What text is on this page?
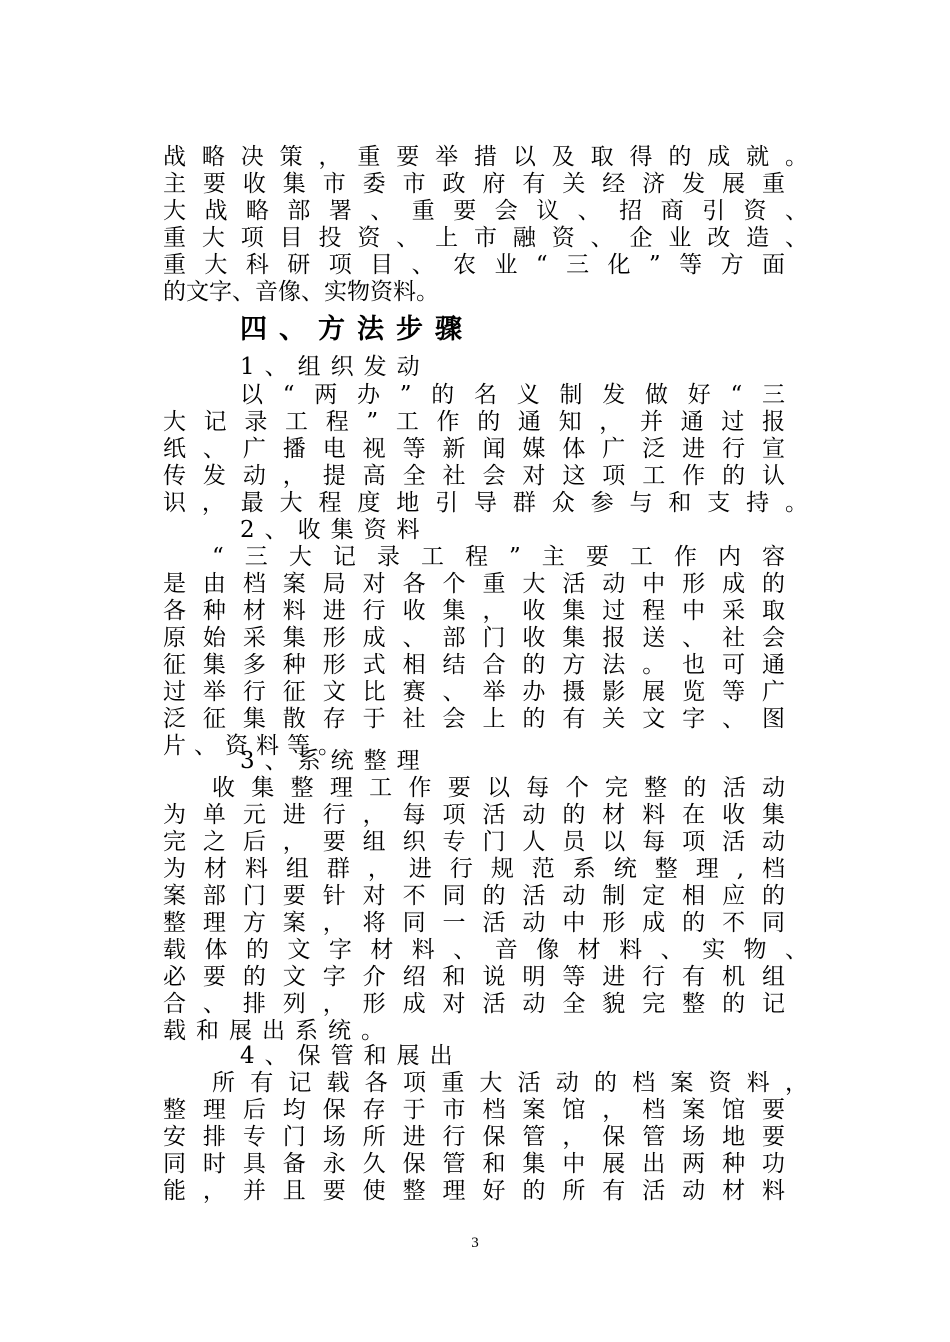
战略决策，重要举措以及取得的成就。
主要收集市委市政府有关经济发展重
大战略部署、重要会议、招商引资、
重大项目投资、上市融资、企业改造、
重大科研项目、农业“三化”等方面
的文字、音像、实物资料。
四、方法步骤
1、组织发动
以“两办”的名义制发做好“三
大记录工程”工作的通知，并通过报
纸、广播电视等新闻媒体广泛进行宣
传发动，提高全社会对这项工作的认
识，最大程度地引导群众参与和支持。
2、收集资料
“三大记录工程”主要工作内容
是由档案局对各个重大活动中形成的
各种材料进行收集，收集过程中采取
原始采集形成、部门收集报送、社会
征集多种形式相结合的方法。也可通
过举行征文比赛、举办摄影展览等广
泛征集散存于社会上的有关文字、图
片、资料等。
3、系统整理
收集整理工作要以每个完整的活动
为单元进行，每项活动的材料在收集
完之后，要组织专门人员以每项活动
为材料组群，进行规范系统整理,档
案部门要针对不同的活动制定相应的
整理方案，将同一活动中形成的不同
载体的文字材料、音像材料、实物、
必要的文字介绍和说明等进行有机组
合、排列，形成对活动全貌完整的记
载和展出系统。
4、保管和展出
所有记载各项重大活动的档案资料，
整理后均保存于市档案馆，档案馆要
安排专门场所进行保管，保管场地要
同时具备永久保管和集中展出两种功
能，并且要使整理好的所有活动材料
3
